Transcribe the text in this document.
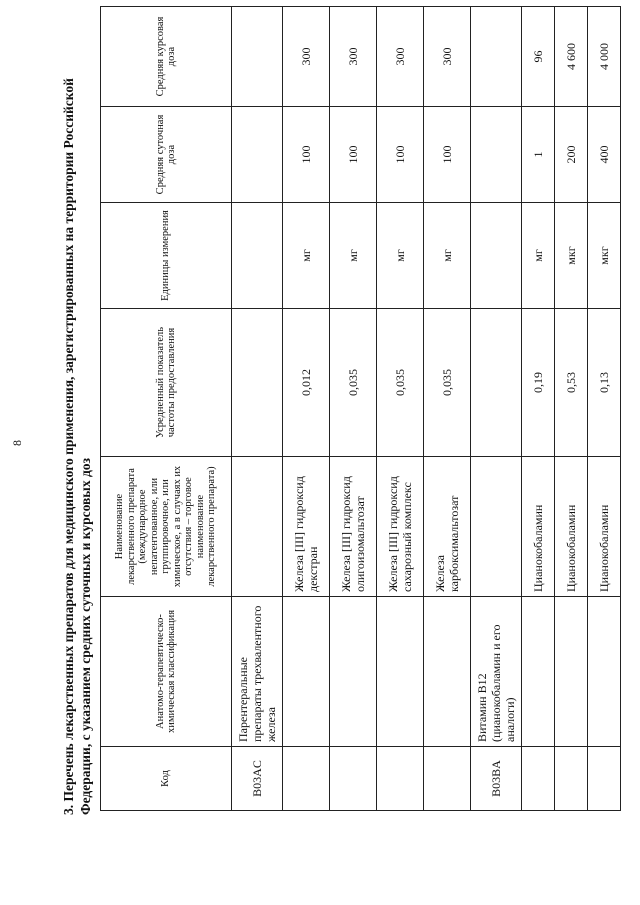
8	3. Перечень лекарственных препаратов для медицинского применения, зарегистрированных на территории Российской Федерации, с указанием средних суточных и курсовых доз	Код	Анатомо-терапевтическо-химическая классификация	Наименование лекарственного препарата (международное непатентованное, или группировочное, или химическое, а в случаях их отсутствия – торговое наименование лекарственного препарата)	Усредненный показатель частоты предоставления	Единицы измерения	Средняя суточная доза	Средняя курсовая доза
B03AC	Парентеральные препараты трехвалентного железа					
		Железа [III] гидроксид декстран	0,012	мг	100	300
		Железа [III] гидроксид олигоизомальтозат	0,035	мг	100	300
		Железа [III] гидроксид сахарозный комплекс	0,035	мг	100	300
		Железа карбоксимальтозат	0,035	мг	100	300
B03BA	Витамин B12 (цианокобаламин и его аналоги)					
		Цианокобаламин	0,19	мг	1	96
		Цианокобаламин	0,53	мкг	200	4 600
		Цианокобаламин	0,13	мкг	400	4 000
